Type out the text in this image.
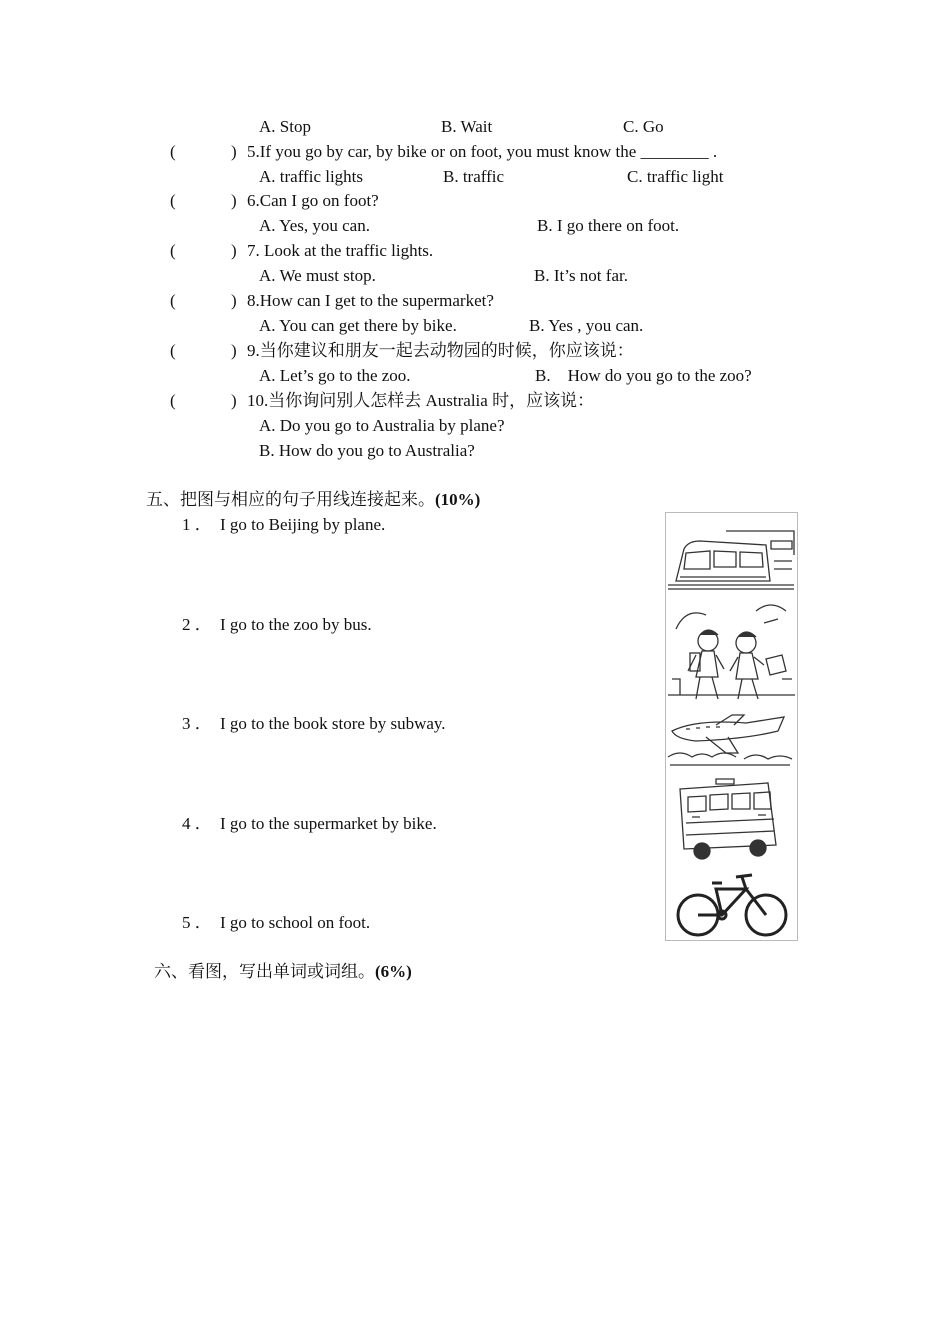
A. Stop	B. Wait	C. Go
(	) 5.If you go by car, by bike or on foot, you must know the ________ .
A. traffic lights	B. traffic	C. traffic light
(	) 6.Can I go on foot?
A. Yes, you can.	B. I go there on foot.
(	) 7. Look at the traffic lights.
A. We must stop.	B. It’s not far.
(	) 8.How can I get to the supermarket?
A. You can get there by bike.	B. Yes , you can.
(	) 9.当你建议和朋友一起去动物园的时候，你应该说：
A. Let’s go to the zoo.	B.    How do you go to the zoo?
(	) 10.当你询问别人怎样去 Australia 时，应该说：
A. Do you go to Australia by plane?
B. How do you go to Australia?
五、把图与相应的句子用线连接起来。(10%)
1 ． I go to Beijing by plane.
2 ． I go to the zoo by bus.
3 ． I go to the book store by subway.
4 ． I go to the supermarket by bike.
5 ． I go to school on foot.
六、看图，写出单词或词组。(6%)
